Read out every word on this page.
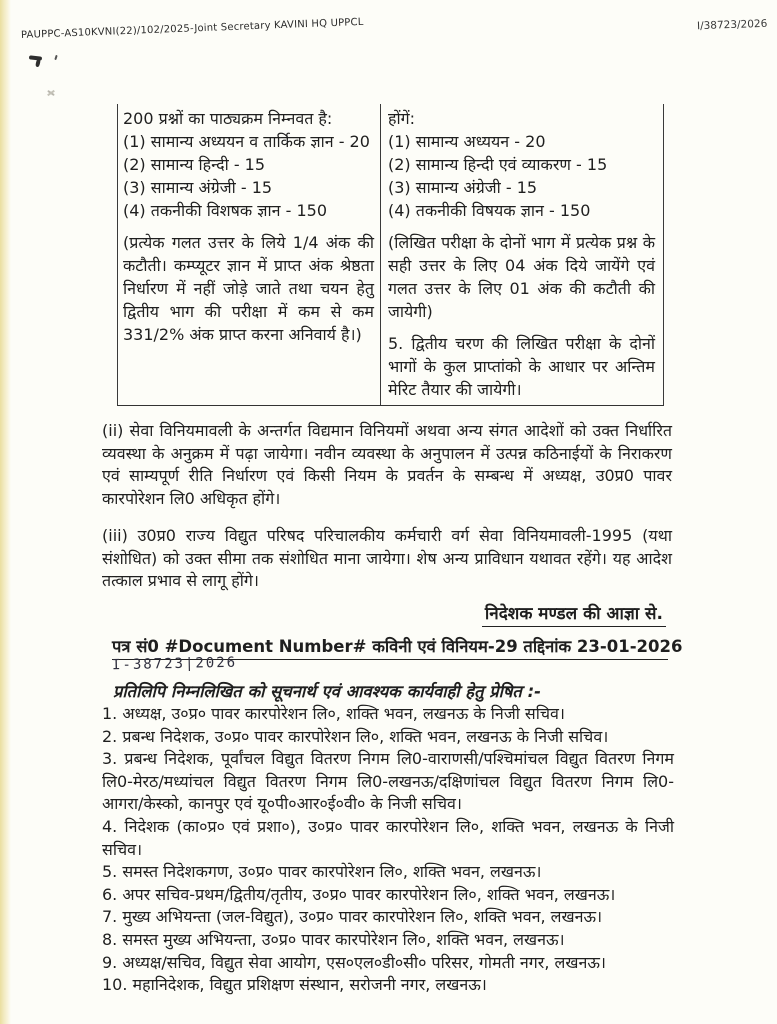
PAUPPC-AS10KVNI(22)/102/2025-Joint Secretary KAVINI HQ UPPCL	I/38723/2026
200 प्रश्नों का पाठ्यक्रम निम्नवत है:
(1) सामान्य अध्ययन व तार्किक ज्ञान - 20
(2) सामान्य हिन्दी - 15
(3) सामान्य अंग्रेजी - 15
(4) तकनीकी विशषक ज्ञान - 150
(प्रत्येक गलत उत्तर के लिये 1/4 अंक की कटौती। कम्प्यूटर ज्ञान में प्राप्त अंक श्रेष्ठता निर्धारण में नहीं जोड़े जाते तथा चयन हेतु द्वितीय भाग की परीक्षा में कम से कम 331/2% अंक प्राप्त करना अनिवार्य है।)
होंगें:
(1) सामान्य अध्ययन - 20
(2) सामान्य हिन्दी एवं व्याकरण - 15
(3) सामान्य अंग्रेजी - 15
(4) तकनीकी विषयक ज्ञान - 150
(लिखित परीक्षा के दोनों भाग में प्रत्येक प्रश्न के सही उत्तर के लिए 04 अंक दिये जायेंगे एवं गलत उत्तर के लिए 01 अंक की कटौती की जायेगी)
5. द्वितीय चरण की लिखित परीक्षा के दोनों भागों के कुल प्राप्तांको के आधार पर अन्तिम मेरिट तैयार की जायेगी।
(ii) सेवा विनियमावली के अन्तर्गत विद्यमान विनियमों अथवा अन्य संगत आदेशों को उक्त निर्धारित व्यवस्था के अनुक्रम में पढ़ा जायेगा। नवीन व्यवस्था के अनुपालन में उत्पन्न कठिनाईयों के निराकरण एवं साम्यपूर्ण रीति निर्धारण एवं किसी नियम के प्रवर्तन के सम्बन्ध में अध्यक्ष, उ0प्र0 पावर कारपोरेशन लि0 अधिकृत होंगे।
(iii) उ0प्र0 राज्य विद्युत परिषद परिचालकीय कर्मचारी वर्ग सेवा विनियमावली-1995 (यथा संशोधित) को उक्त सीमा तक संशोधित माना जायेगा। शेष अन्य प्राविधान यथावत रहेंगे। यह आदेश तत्काल प्रभाव से लागू होंगे।
निदेशक मण्डल की आज्ञा से.
पत्र सं0 #Document Number# कविनी एवं विनियम-29 तद्दिनांक 23-01-2026
I-38723|2026
प्रतिलिपि निम्नलिखित को सूचनार्थ एवं आवश्यक कार्यवाही हेतु प्रेषित :-
1. अध्यक्ष, उ०प्र० पावर कारपोरेशन लि०, शक्ति भवन, लखनऊ के निजी सचिव।
2. प्रबन्ध निदेशक, उ०प्र० पावर कारपोरेशन लि०, शक्ति भवन, लखनऊ के निजी सचिव।
3. प्रबन्ध निदेशक, पूर्वांचल विद्युत वितरण निगम लि0-वाराणसी/पश्चिमांचल विद्युत वितरण निगम लि0-मेरठ/मध्यांचल विद्युत वितरण निगम लि0-लखनऊ/दक्षिणांचल विद्युत वितरण निगम लि0-आगरा/केस्को, कानपुर एवं यू०पी०आर०ई०वी० के निजी सचिव।
4. निदेशक (का०प्र० एवं प्रशा०), उ०प्र० पावर कारपोरेशन लि०, शक्ति भवन, लखनऊ के निजी सचिव।
5. समस्त निदेशकगण, उ०प्र० पावर कारपोरेशन लि०, शक्ति भवन, लखनऊ।
6. अपर सचिव-प्रथम/द्वितीय/तृतीय, उ०प्र० पावर कारपोरेशन लि०, शक्ति भवन, लखनऊ।
7. मुख्य अभियन्ता (जल-विद्युत), उ०प्र० पावर कारपोरेशन लि०, शक्ति भवन, लखनऊ।
8. समस्त मुख्य अभियन्ता, उ०प्र० पावर कारपोरेशन लि०, शक्ति भवन, लखनऊ।
9. अध्यक्ष/सचिव, विद्युत सेवा आयोग, एस०एल०डी०सी० परिसर, गोमती नगर, लखनऊ।
10. महानिदेशक, विद्युत प्रशिक्षण संस्थान, सरोजनी नगर, लखनऊ।
